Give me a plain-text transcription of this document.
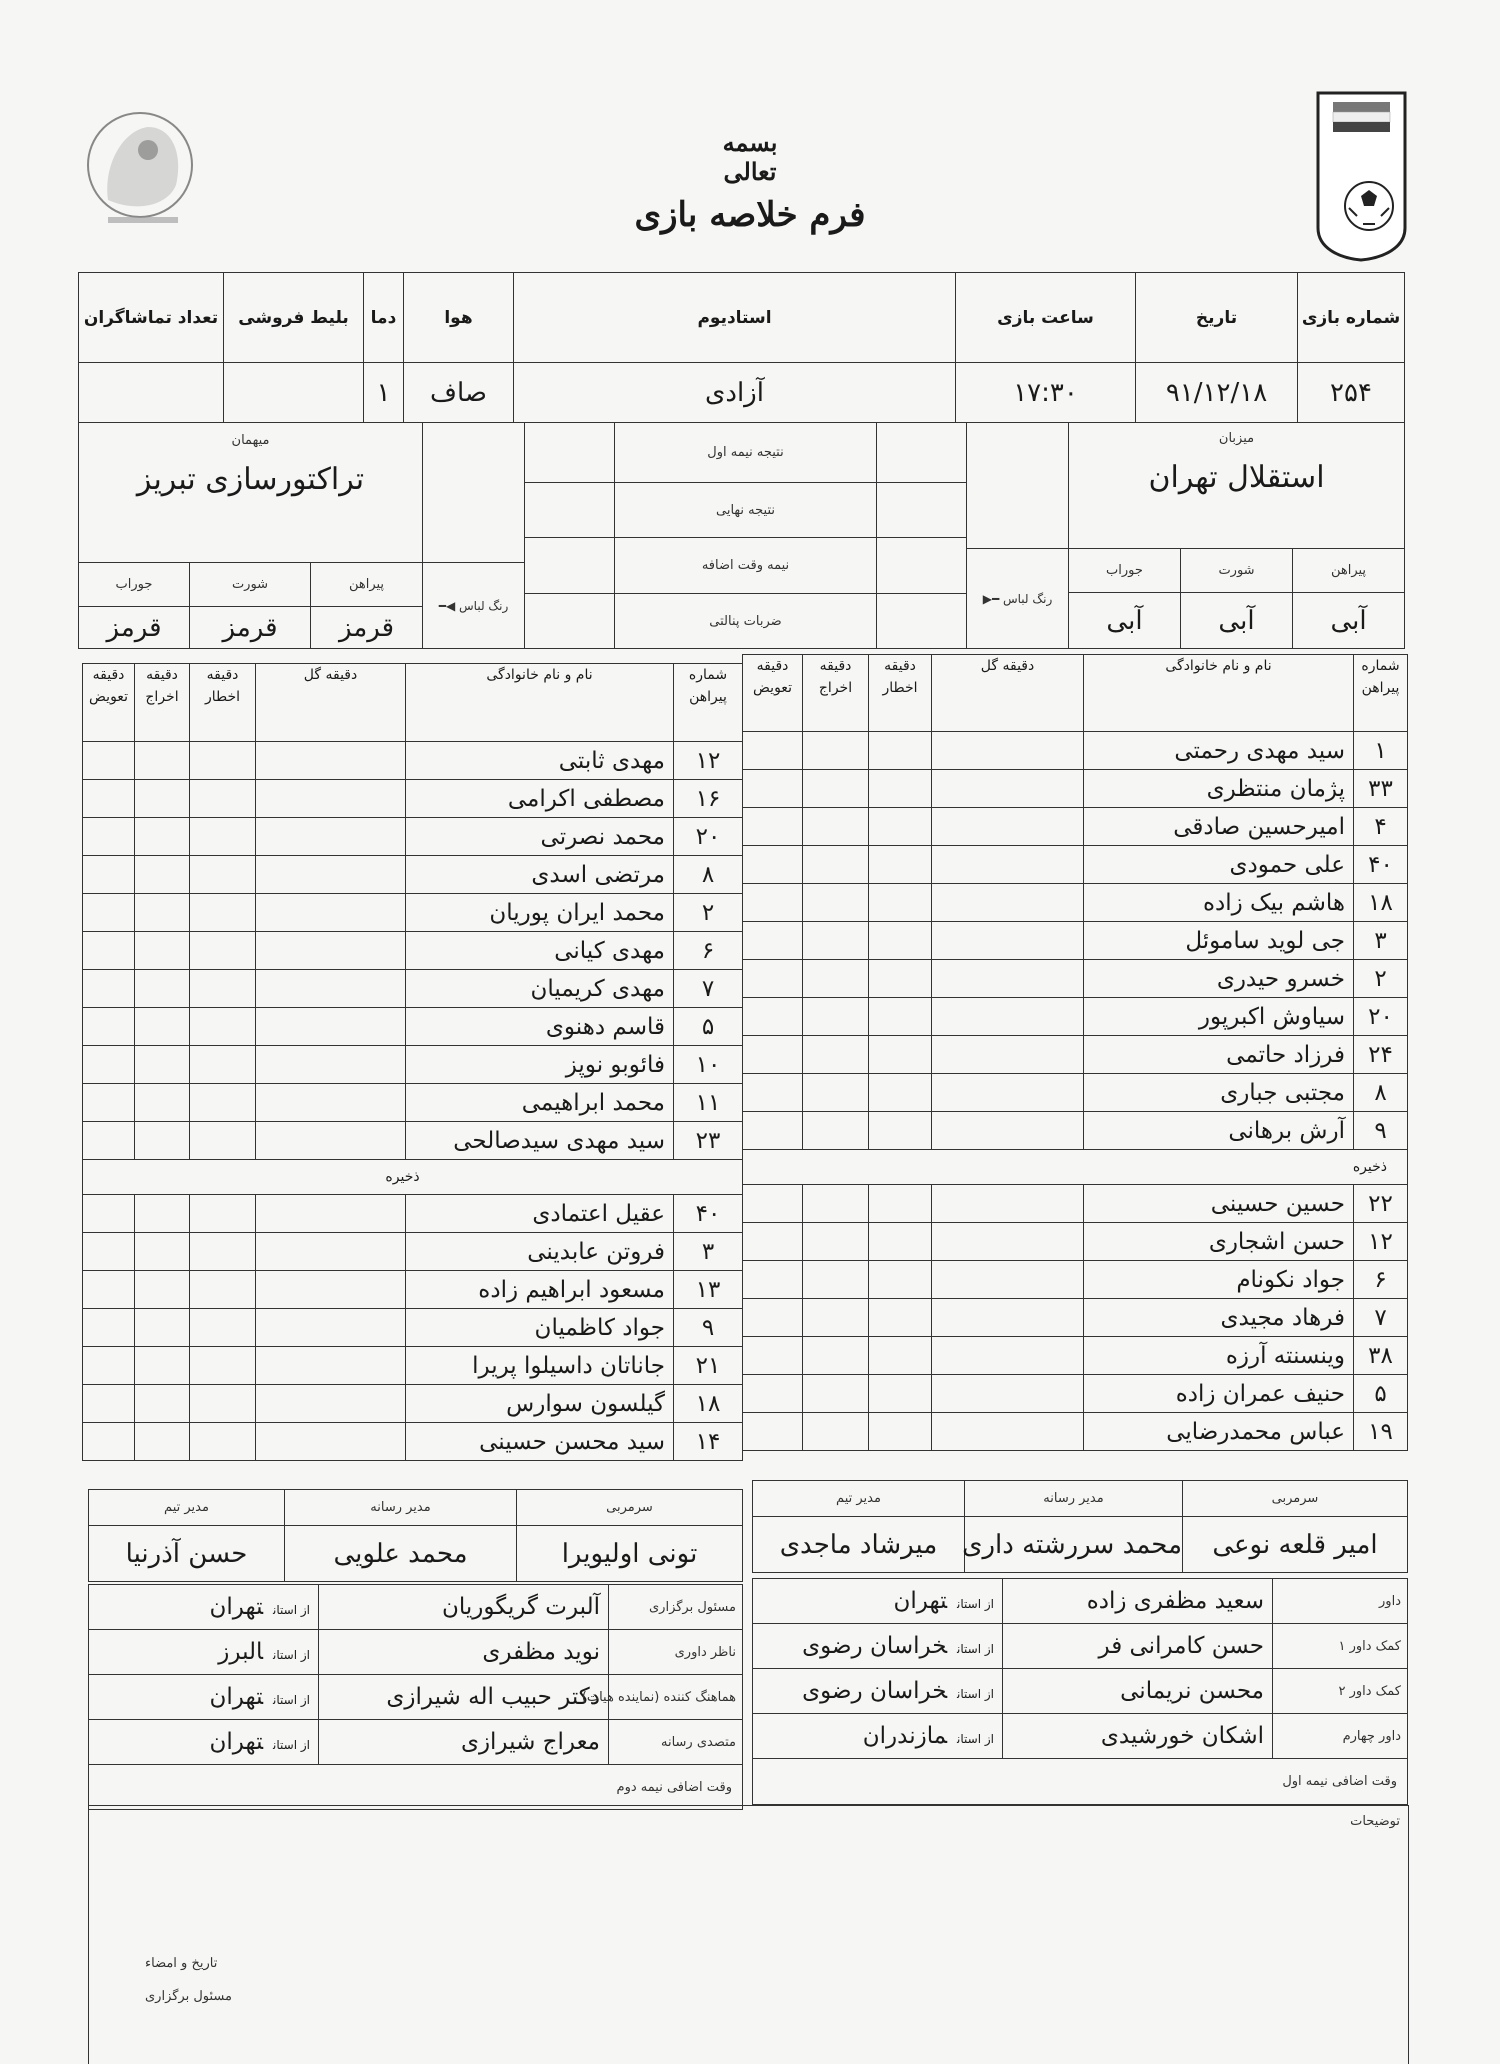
بسمه تعالی
فرم خلاصه بازی
تعداد تماشاگران	بلیط فروشی	دما	هوا	استادیوم	ساعت بازی	تاریخ	شماره بازی
		۱	صاف	آزادی	۱۷:۳۰	۹۱/۱۲/۱۸	۲۵۴
میهمان
تراکتورسازی تبریز			

جوراب	شورت	پیراهن	رنگ لباس ◀━
قرمز	قرمز	قرمز	
	نتیجه نیمه اول	
	نتیجه نهایی	
	نیمه وقت اضافه	
	ضربات پنالتی	

	میزبان
استقلال تهران		

رنگ لباس ━▶	جوراب	شورت	پیراهن
	آبی	آبی	آبی
دقیقه تعویض	دقیقه اخراج	دقیقه اخطار	دقیقه گل	نام و نام خانوادگی	شماره پیراهن
				مهدی ثابتی	۱۲
				مصطفی اکرامی	۱۶
				محمد نصرتی	۲۰
				مرتضی اسدی	۸
				محمد ایران پوریان	۲
				مهدی کیانی	۶
				مهدی کریمیان	۷
				قاسم دهنوی	۵
				فائوبو نوپز	۱۰
				محمد ابراهیمی	۱۱
				سید مهدی سیدصالحی	۲۳
ذخیره					
				عقیل اعتمادی	۴۰
				فروتن عابدینی	۳
				مسعود ابراهیم زاده	۱۳
				جواد کاظمیان	۹
				جاناتان داسیلوا پریرا	۲۱
				گیلسون سوارس	۱۸
				سید محسن حسینی	۱۴
دقیقه تعویض	دقیقه اخراج	دقیقه اخطار	دقیقه گل	نام و نام خانوادگی	شماره پیراهن
				سید مهدی رحمتی	۱
				پژمان منتظری	۳۳
				امیرحسین صادقی	۴
				علی حمودی	۴۰
				هاشم بیک زاده	۱۸
				جی لوید ساموئل	۳
				خسرو حیدری	۲
				سیاوش اکبرپور	۲۰
				فرزاد حاتمی	۲۴
				مجتبی جباری	۸
				آرش برهانی	۹
ذخیره					
				حسین حسینی	۲۲
				حسن اشجاری	۱۲
				جواد نکونام	۶
				فرهاد مجیدی	۷
				وینسنته آرزه	۳۸
				حنیف عمران زاده	۵
				عباس محمدرضایی	۱۹
مدیر تیم	مدیر رسانه	سرمربی
حسن آذرنیا	محمد علویی	تونی اولیویرا
مدیر تیم	مدیر رسانه	سرمربی
میرشاد ماجدی	محمد سررشته داری	امیر قلعه نوعی
از استانتهران	آلبرت گریگوریان	مسئول برگزاری
از استانالبرز	نوید مظفری	ناظر داوری
از استانتهران	دکتر حبیب اله شیرازی	هماهنگ کننده (نماینده هیات)
از استانتهران	معراج شیرازی	متصدی رسانه
وقت اضافی نیمه دوم		
از استانتهران	سعید مظفری زاده	داور
از استانخراسان رضوی	حسن کامرانی فر	کمک داور ۱
از استانخراسان رضوی	محسن نریمانی	کمک داور ۲
از استانمازندران	اشکان خورشیدی	داور چهارم
وقت اضافی نیمه اول		
توضیحات
تاریخ و امضاء
مسئول برگزاری
